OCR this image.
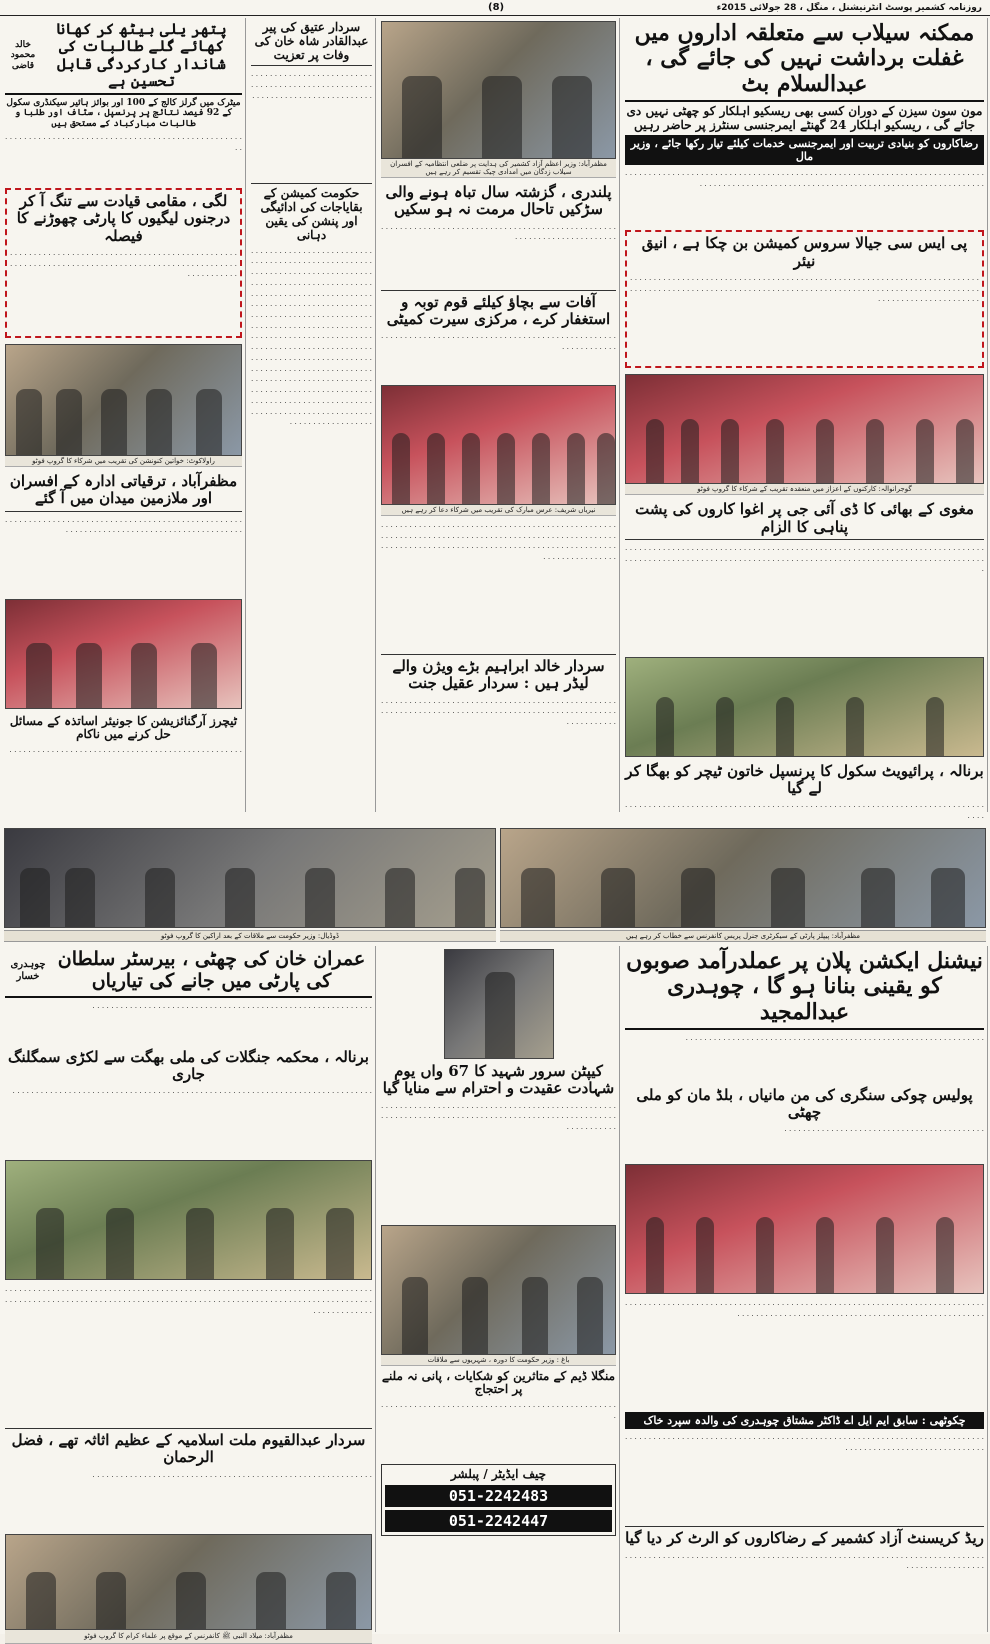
(8)	روزنامہ کشمیر پوسٹ انٹرنیشنل ، منگل ، 28 جولائی 2015ء
ممکنہ سیلاب سے متعلقہ اداروں میں غفلت برداشت نہیں کی جائے گی ، عبدالسلام بٹ
مون سون سیزن کے دوران کسی بھی ریسکیو اہلکار کو چھٹی نہیں دی جائے گی ، ریسکیو اہلکار 24 گھنٹے ایمرجنسی سنٹرز پر حاضر رہیں
رضاکاروں کو بنیادی تربیت اور ایمرجنسی خدمات کیلئے تیار رکھا جائے ، وزیر مال
. . . . . . . . . . . . . . . . . . . . . . . . . . . . . . . . . . . . . . . . . . . . . . . . . . . . . . . . . . . . . . . . . . . . . . . . . . . . . . . . . . . . . . . . . . . . . . . . . . . . . . . . . . . . . . . . . . . . . . . . . . . . . . . . . . . . . . . . .
پی ایس سی جیالا سروس کمیشن بن چکا ہے ، انیق نیئر
. . . . . . . . . . . . . . . . . . . . . . . . . . . . . . . . . . . . . . . . . . . . . . . . . . . . . . . . . . . . . . . . . . . . . . . . . . . . . . . . . . . . . . . . . . . . . . . . . . . . . . . . . . . . . . . . . . . . . . . . . . . . . . . . . . . . . . . . . . . . . . . . . . . . . . . . . . . . . . . . . . . . . . . . . .
گوجرانوالہ: کارکنوں کے اعزاز میں منعقدہ تقریب کے شرکاء کا گروپ فوٹو
مغوی کے بھائی کا ڈی آئی جی پر اغوا کاروں کی پشت پناہی کا الزام
. . . . . . . . . . . . . . . . . . . . . . . . . . . . . . . . . . . . . . . . . . . . . . . . . . . . . . . . . . . . . . . . . . . . . . . . . . . . . . . . . . . . . . . . . . . . . . . . . . . . . . . . . . . . . . . . . . . . . . . . . . . . . . . . . . . . . . . . . . . . . . . . . . . . . . . . .
برنالہ ، پرائیویٹ سکول کا پرنسپل خاتون ٹیچر کو بھگا کر لے گیا
. . . . . . . . . . . . . . . . . . . . . . . . . . . . . . . . . . . . . . . . . . . . . . . . . . . . . . . . . . . . . . . . . . . . . . . . . . . . . . . .
مظفرآباد: وزیر اعظم آزاد کشمیر کی ہدایت پر ضلعی انتظامیہ کے افسران سیلاب زدگان میں امدادی چیک تقسیم کر رہے ہیں
پلندری ، گزشتہ سال تباہ ہونے والی سڑکیں تاحال مرمت نہ ہو سکیں
. . . . . . . . . . . . . . . . . . . . . . . . . . . . . . . . . . . . . . . . . . . . . . . . . . . . . . . . . . . . . . . . . . . . . . . .
آفات سے بچاؤ کیلئے قوم توبہ و استغفار کرے ، مرکزی سیرت کمیٹی
. . . . . . . . . . . . . . . . . . . . . . . . . . . . . . . . . . . . . . . . . . . . . . . . . . . . . . . . . . . . . .
نیریاں شریف: عرس مبارک کی تقریب میں شرکاء دعا کر رہے ہیں
. . . . . . . . . . . . . . . . . . . . . . . . . . . . . . . . . . . . . . . . . . . . . . . . . . . . . . . . . . . . . . . . . . . . . . . . . . . . . . . . . . . . . . . . . . . . . . . . . . . . . . . . . . . . . . . . . . . . . . . . . . . . . . . . . . . . . . . . . . . . . . . . . . . . . . . . . . . . . . . . . . . . . .
سردار خالد ابراہیم بڑے ویژن والے لیڈر ہیں : سردار عقیل جنت
. . . . . . . . . . . . . . . . . . . . . . . . . . . . . . . . . . . . . . . . . . . . . . . . . . . . . . . . . . . . . . . . . . . . . . . . . . . . . . . . . . . . . . . . . . . . . . . . . . . . . . . . . . . . . . .
سردار عتیق کی پیر عبدالقادر شاہ خان کی وفات پر تعزیت
. . . . . . . . . . . . . . . . . . . . . . . . . . . . . . . . . . . . . . . . . . . . . . . . . . . . . . . . . . . . . . . . . . . . . . . . . . . . . .
حکومت کمیشن کے بقایاجات کی ادائیگی اور پنشن کی یقین دہانی
. . . . . . . . . . . . . . . . . . . . . . . . . . . . . . . . . . . . . . . . . . . . . . . . . . . . . . . . . . . . . . . . . . . . . . . . . . . . . . . . . . . . . . . . . . . . . . . . . . . . . . . . . . . . . . . . . . . . . . . . . . . . . . . . . . . . . . . . . . . . . . . . . . . . . . . . . . . . . . . . . . . . . . . . . . . . . . . . . . . . . . . . . . . . . . . . . . . . . . . . . . . . . . . . . . . . . . . . . . . . . . . . . . . . . . . . . . . . . . . . . . . . . . . . . . . . . . . . . . . . . . . . . . . . . . . . . . . . . . . . . . . . . . . . . . . . . . . . . . . . . . . . . . . . . . . . . . . . . . . . . . . . . . . . . . . . . . . . . . . . . . . . . . . . . . . . . . . . . . . . . . . . . . . . . . . . . . . . . . . . . . . . . . . . . . . . . . . . . . . . . . . . . . . . . . . . . . . . . . . . . . . . . . . . . . . . . .
خالد محمود قاضی
پتھر یلی بیٹھ کر کھانا کھائے گلے طالبات کی شاندار کارکردگی قابل تحسین ہے
میٹرک میں گرلز کالج کے 100 اور بوائز ہائیر سیکنڈری سکول کے 92 فیصد نتائج پر پرنسپل ، سٹاف اور طلبا و طالبات مبارکباد کے مستحق ہیں
. . . . . . . . . . . . . . . . . . . . . . . . . . . . . . . . . . . . . . . . . . . . . . . . . . . .
لگی ، مقامی قیادت سے تنگ آ کر درجنوں لیگیوں کا پارٹی چھوڑنے کا فیصلہ
. . . . . . . . . . . . . . . . . . . . . . . . . . . . . . . . . . . . . . . . . . . . . . . . . . . . . . . . . . . . . . . . . . . . . . . . . . . . . . . . . . . . . . . . . . . . . . . . . . . . . . . . . . .
راولاکوٹ: خواتین کنونشن کی تقریب میں شرکاء کا گروپ فوٹو
مظفرآباد ، ترقیاتی ادارہ کے افسران اور ملازمین میدان میں آ گئے
. . . . . . . . . . . . . . . . . . . . . . . . . . . . . . . . . . . . . . . . . . . . . . . . . . . . . . . . . . . . . . . . . . . . . . . . . . . . . . . . . . . . . . . .
ٹیچرز آرگنائزیشن کا جونیئر اساتذہ کے مسائل حل کرنے میں ناکام
. . . . . . . . . . . . . . . . . . . . . . . . . . . . . . . . . . . . . . . . . . . . . . . . . .
مظفرآباد: پیپلز پارٹی کے سیکرٹری جنرل پریس کانفرنس سے خطاب کر رہے ہیں
ڈوڈیال: وزیر حکومت سے ملاقات کے بعد اراکین کا گروپ فوٹو
نیشنل ایکشن پلان پر عملدرآمد صوبوں کو یقینی بنانا ہو گا ، چوہدری عبدالمجید
. . . . . . . . . . . . . . . . . . . . . . . . . . . . . . . . . . . . . . . . . . . . . . . . . . . . . . . . . . . . . . . .
پولیس چوکی سنگری کی من مانیاں ، بلڈ مان کو ملی چھٹی
. . . . . . . . . . . . . . . . . . . . . . . . . . . . . . . . . . . . . . . . . . .
. . . . . . . . . . . . . . . . . . . . . . . . . . . . . . . . . . . . . . . . . . . . . . . . . . . . . . . . . . . . . . . . . . . . . . . . . . . . . . . . . . . . . . . . . . . . . . . . . . . . . . . . . . . . . . . . . . . . . . . . . . . . . . . . .
چکوٹھی : سابق ایم ایل اے ڈاکٹر مشتاق چوہدری کی والدہ سپرد خاک
. . . . . . . . . . . . . . . . . . . . . . . . . . . . . . . . . . . . . . . . . . . . . . . . . . . . . . . . . . . . . . . . . . . . . . . . . . . . . . . . . . . . . . . . . . . . . . . . . . . . . . . . . .
ریڈ کریسنٹ آزاد کشمیر کے رضاکاروں کو الرٹ کر دیا گیا
. . . . . . . . . . . . . . . . . . . . . . . . . . . . . . . . . . . . . . . . . . . . . . . . . . . . . . . . . . . . . . . . . . . . . . . . . . . . . . . . . . . . . . . . . . . . .
کیپٹن سرور شہید کا 67 واں یوم شہادت عقیدت و احترام سے منایا گیا
. . . . . . . . . . . . . . . . . . . . . . . . . . . . . . . . . . . . . . . . . . . . . . . . . . . . . . . . . . . . . . . . . . . . . . . . . . . . . . . . . . . . . . . . . . . . . . . . . . . . . . . . . . . . . . .
باغ : وزیر حکومت کا دورہ ، شہریوں سے ملاقات
منگلا ڈیم کے متاثرین کو شکایات ، پانی نہ ملنے پر احتجاج
. . . . . . . . . . . . . . . . . . . . . . . . . . . . . . . . . . . . . . . . . . . . . . . . . . .
چیف ایڈیٹر / پبلشر
051-2242483
051-2242447
چوہدری خسار
عمران خان کی چھٹی ، بیرسٹر سلطان کی پارٹی میں جانے کی تیاریاں
. . . . . . . . . . . . . . . . . . . . . . . . . . . . . . . . . . . . . . . . . . . . . . . . . . . . . . . . . . . .
برنالہ ، محکمہ جنگلات کی ملی بھگت سے لکڑی سمگلنگ جاری
. . . . . . . . . . . . . . . . . . . . . . . . . . . . . . . . . . . . . . . . . . . . . . . . . . . . . . . . . . . . . . . . . . . . . . . . . . . . .
. . . . . . . . . . . . . . . . . . . . . . . . . . . . . . . . . . . . . . . . . . . . . . . . . . . . . . . . . . . . . . . . . . . . . . . . . . . . . . . . . . . . . . . . . . . . . . . . . . . . . . . . . . . . . . . . . . . . . . . . . . . . . . . . . . . . . . . . . . . . . . . . . . . . . . . . . . . . . . . . . . . . . . . . .
سردار عبدالقیوم ملت اسلامیہ کے عظیم اثاثہ تھے ، فضل الرحمان
. . . . . . . . . . . . . . . . . . . . . . . . . . . . . . . . . . . . . . . . . . . . . . . . . . . . . . . . . . . .
مظفرآباد: میلاد النبی ﷺ کانفرنس کے موقع پر علماء کرام کا گروپ فوٹو
